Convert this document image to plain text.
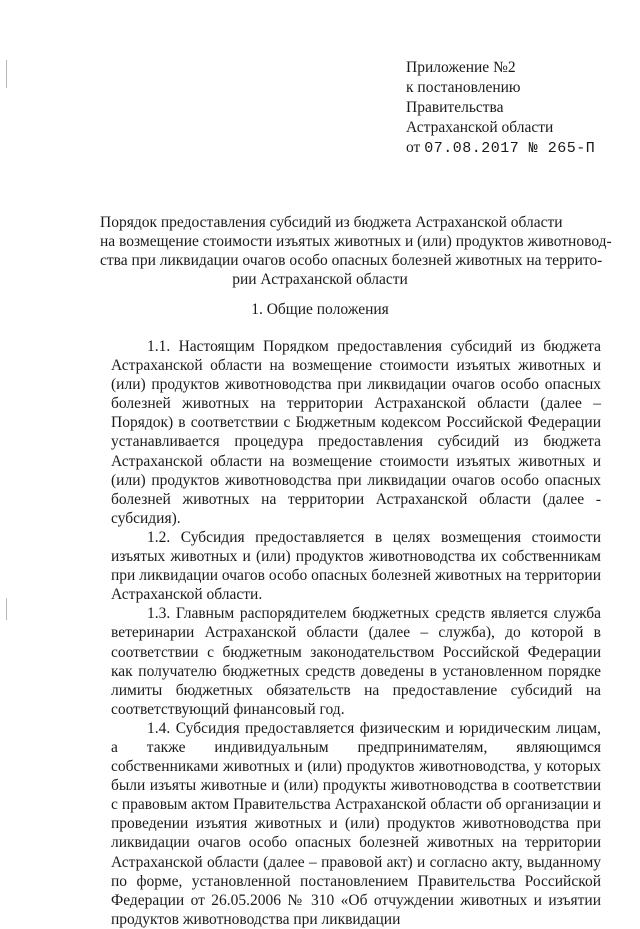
Приложение №2
к постановлению
Правительства
Астраханской области
от 07.08.2017 № 265-П
Порядок предоставления субсидий из бюджета Астраханской области
на возмещение стоимости изъятых животных и (или) продуктов животновод-
ства при ликвидации очагов особо опасных болезней животных на террито-
рии Астраханской области
1. Общие положения

1.1. Настоящим Порядком предоставления субсидий из бюджета Астраханской области на возмещение стоимости изъятых животных и (или) продуктов животноводства при ликвидации очагов особо опасных болезней животных на территории Астраханской области (далее – Порядок) в соответствии с Бюджетным кодексом Российской Федерации устанавливается процедура предоставления субсидий из бюджета Астраханской области на возмещение стоимости изъятых животных и (или) продуктов животноводства при ликвидации очагов особо опасных болезней животных на территории Астраханской области (далее - субсидия).

1.2. Субсидия предоставляется в целях возмещения стоимости изъятых животных и (или) продуктов животноводства их собственникам при ликвидации очагов особо опасных болезней животных на территории Астраханской области.

1.3. Главным распорядителем бюджетных средств является служба ветеринарии Астраханской области (далее – служба), до которой в соответствии с бюджетным законодательством Российской Федерации как получателю бюджетных средств доведены в установленном порядке лимиты бюджетных обязательств на предоставление субсидий на соответствующий финансовый год.

1.4. Субсидия предоставляется физическим и юридическим лицам, а также индивидуальным предпринимателям, являющимся собственниками животных и (или) продуктов животноводства, у которых были изъяты животные и (или) продукты животноводства в соответствии с правовым актом Правительства Астраханской области об организации и проведении изъятия животных и (или) продуктов животноводства при ликвидации очагов особо опасных болезней животных на территории Астраханской области (далее – правовой акт) и согласно акту, выданному по форме, установленной постановлением Правительства Российской Федерации от 26.05.2006 № 310 «Об отчуждении животных и изъятии продуктов животноводства при ликвидации
